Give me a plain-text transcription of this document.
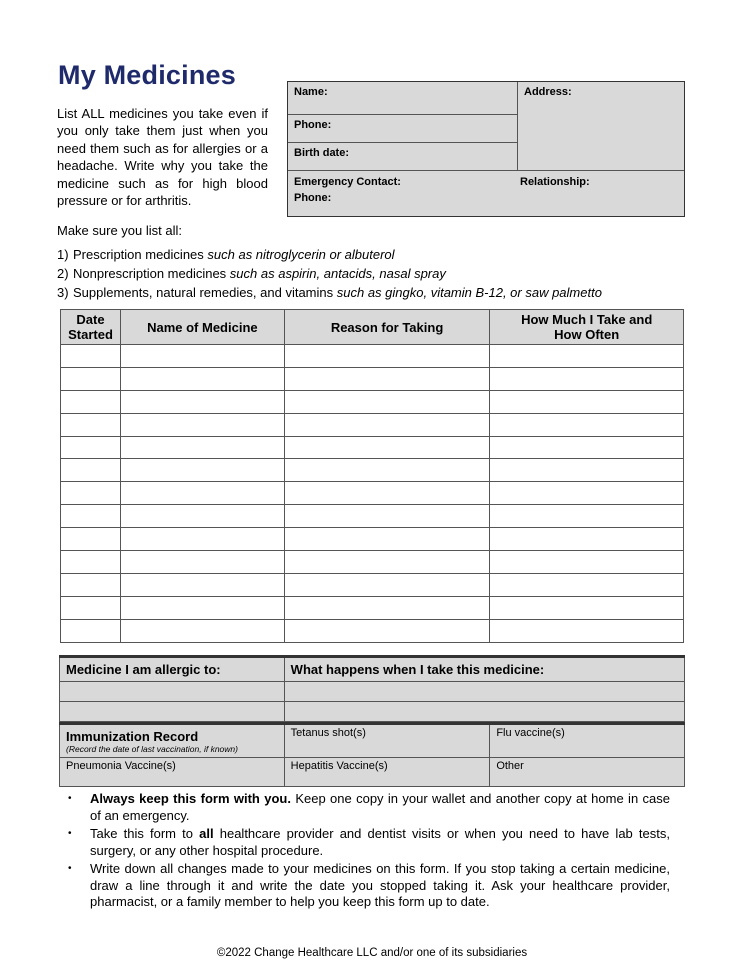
My Medicines
List ALL medicines you take even if you only take them just when you need them such as for allergies or a headache. Write why you take the medicine such as for high blood pressure or for arthritis.
Name:
Phone:
Birth date:
Address:
Emergency Contact:	Relationship:
Phone:
Make sure you list all:
1) Prescription medicines such as nitroglycerin or albuterol
2) Nonprescription medicines such as aspirin, antacids, nasal spray
3) Supplements, natural remedies, and vitamins such as gingko, vitamin B-12, or saw palmetto
Date
Started	Name of Medicine	Reason for Taking	How Much I Take and
How Often

Medicine I am allergic to:	What happens when I take this medicine:

Immunization Record
(Record the date of last vaccination, if known)	Tetanus shot(s)	Flu vaccine(s)
Pneumonia Vaccine(s)	Hepatitis Vaccine(s)	Other
• Always keep this form with you. Keep one copy in your wallet and another copy at home in case of an emergency.
• Take this form to all healthcare provider and dentist visits or when you need to have lab tests, surgery, or any other hospital procedure.
• Write down all changes made to your medicines on this form. If you stop taking a certain medicine, draw a line through it and write the date you stopped taking it. Ask your healthcare provider, pharmacist, or a family member to help you keep this form up to date.
©2022 Change Healthcare LLC and/or one of its subsidiaries
